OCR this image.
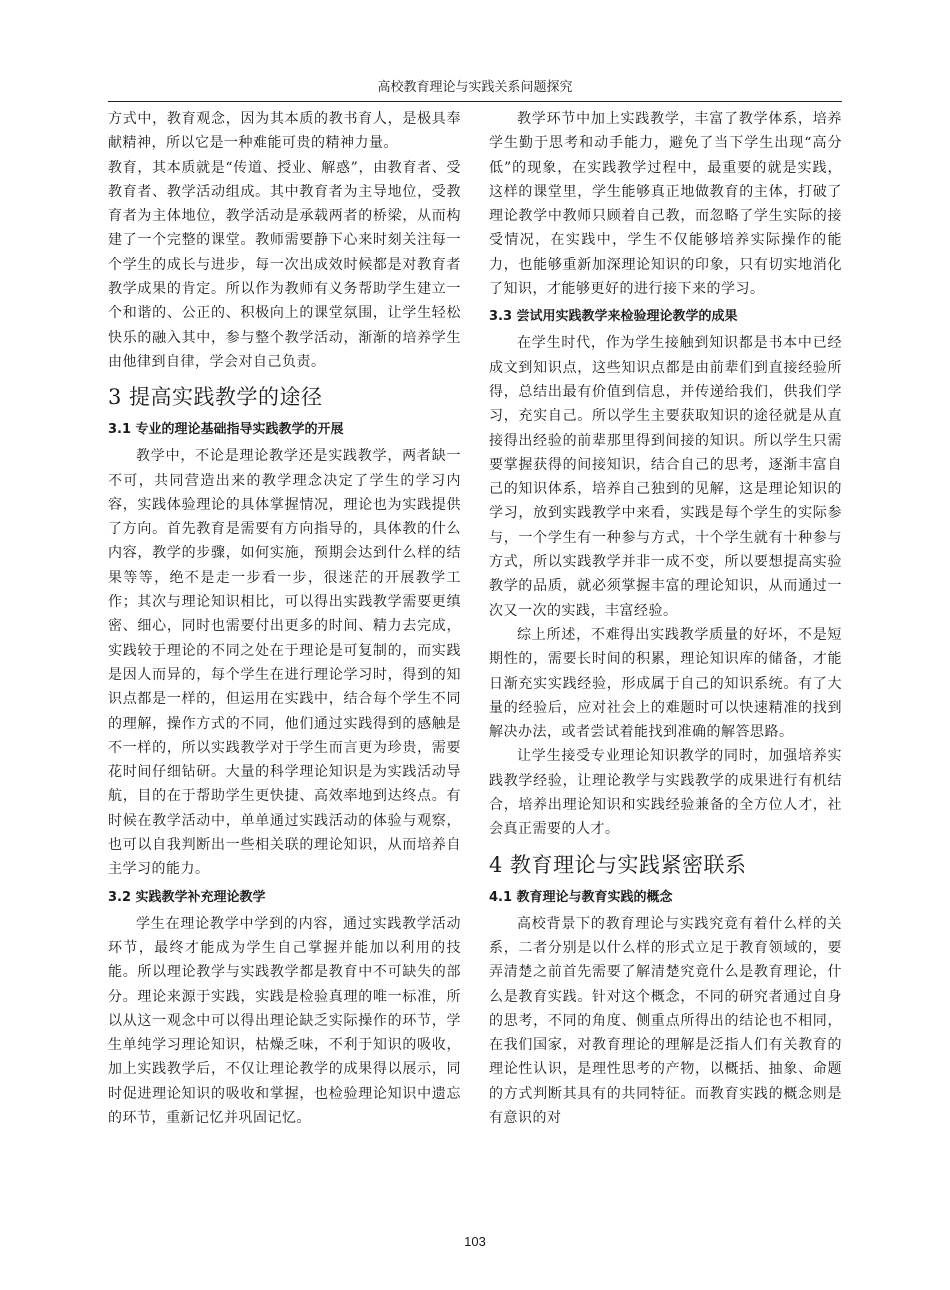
高校教育理论与实践关系问题探究

方式中，教育观念，因为其本质的教书育人，是极具奉献精神，所以它是一种难能可贵的精神力量。

教育，其本质就是“传道、授业、解惑”，由教育者、受教育者、教学活动组成。其中教育者为主导地位，受教育者为主体地位，教学活动是承载两者的桥梁，从而构建了一个完整的课堂。教师需要静下心来时刻关注每一个学生的成长与进步，每一次出成效时候都是对教育者教学成果的肯定。所以作为教师有义务帮助学生建立一个和谐的、公正的、积极向上的课堂氛围，让学生轻松快乐的融入其中，参与整个教学活动，渐渐的培养学生由他律到自律，学会对自己负责。

3 提高实践教学的途径
3.1 专业的理论基础指导实践教学的开展

教学中，不论是理论教学还是实践教学，两者缺一不可，共同营造出来的教学理念决定了学生的学习内容，实践体验理论的具体掌握情况，理论也为实践提供了方向。首先教育是需要有方向指导的，具体教的什么内容，教学的步骤，如何实施，预期会达到什么样的结果等等，绝不是走一步看一步，很迷茫的开展教学工作；其次与理论知识相比，可以得出实践教学需要更缜密、细心，同时也需要付出更多的时间、精力去完成，实践较于理论的不同之处在于理论是可复制的，而实践是因人而异的，每个学生在进行理论学习时，得到的知识点都是一样的，但运用在实践中，结合每个学生不同的理解，操作方式的不同，他们通过实践得到的感触是不一样的，所以实践教学对于学生而言更为珍贵，需要花时间仔细钻研。大量的科学理论知识是为实践活动导航，目的在于帮助学生更快捷、高效率地到达终点。有时候在教学活动中，单单通过实践活动的体验与观察，也可以自我判断出一些相关联的理论知识，从而培养自主学习的能力。

3.2 实践教学补充理论教学

学生在理论教学中学到的内容，通过实践教学活动环节，最终才能成为学生自己掌握并能加以利用的技能。所以理论教学与实践教学都是教育中不可缺失的部分。理论来源于实践，实践是检验真理的唯一标准，所以从这一观念中可以得出理论缺乏实际操作的环节，学生单纯学习理论知识，枯燥乏味，不利于知识的吸收，加上实践教学后，不仅让理论教学的成果得以展示，同时促进理论知识的吸收和掌握，也检验理论知识中遗忘的环节，重新记忆并巩固记忆。

教学环节中加上实践教学，丰富了教学体系，培养学生勤于思考和动手能力，避免了当下学生出现“高分低”的现象，在实践教学过程中，最重要的就是实践，这样的课堂里，学生能够真正地做教育的主体，打破了理论教学中教师只顾着自己教，而忽略了学生实际的接受情况，在实践中，学生不仅能够培养实际操作的能力，也能够重新加深理论知识的印象，只有切实地消化了知识，才能够更好的进行接下来的学习。

3.3 尝试用实践教学来检验理论教学的成果

在学生时代，作为学生接触到知识都是书本中已经成文到知识点，这些知识点都是由前辈们到直接经验所得，总结出最有价值到信息，并传递给我们，供我们学习，充实自己。所以学生主要获取知识的途径就是从直接得出经验的前辈那里得到间接的知识。所以学生只需要掌握获得的间接知识，结合自己的思考，逐渐丰富自己的知识体系，培养自己独到的见解，这是理论知识的学习，放到实践教学中来看，实践是每个学生的实际参与，一个学生有一种参与方式，十个学生就有十种参与方式，所以实践教学并非一成不变，所以要想提高实验教学的品质，就必须掌握丰富的理论知识，从而通过一次又一次的实践，丰富经验。

综上所述，不难得出实践教学质量的好坏，不是短期性的，需要长时间的积累，理论知识库的储备，才能日渐充实实践经验，形成属于自己的知识系统。有了大量的经验后，应对社会上的难题时可以快速精准的找到解决办法，或者尝试着能找到准确的解答思路。

让学生接受专业理论知识教学的同时，加强培养实践教学经验，让理论教学与实践教学的成果进行有机结合，培养出理论知识和实践经验兼备的全方位人才，社会真正需要的人才。

4 教育理论与实践紧密联系
4.1 教育理论与教育实践的概念

高校背景下的教育理论与实践究竟有着什么样的关系，二者分别是以什么样的形式立足于教育领域的，要弄清楚之前首先需要了解清楚究竟什么是教育理论，什么是教育实践。针对这个概念，不同的研究者通过自身的思考，不同的角度、侧重点所得出的结论也不相同，在我们国家，对教育理论的理解是泛指人们有关教育的理论性认识，是理性思考的产物，以概括、抽象、命题的方式判断其具有的共同特征。而教育实践的概念则是有意识的对

103
